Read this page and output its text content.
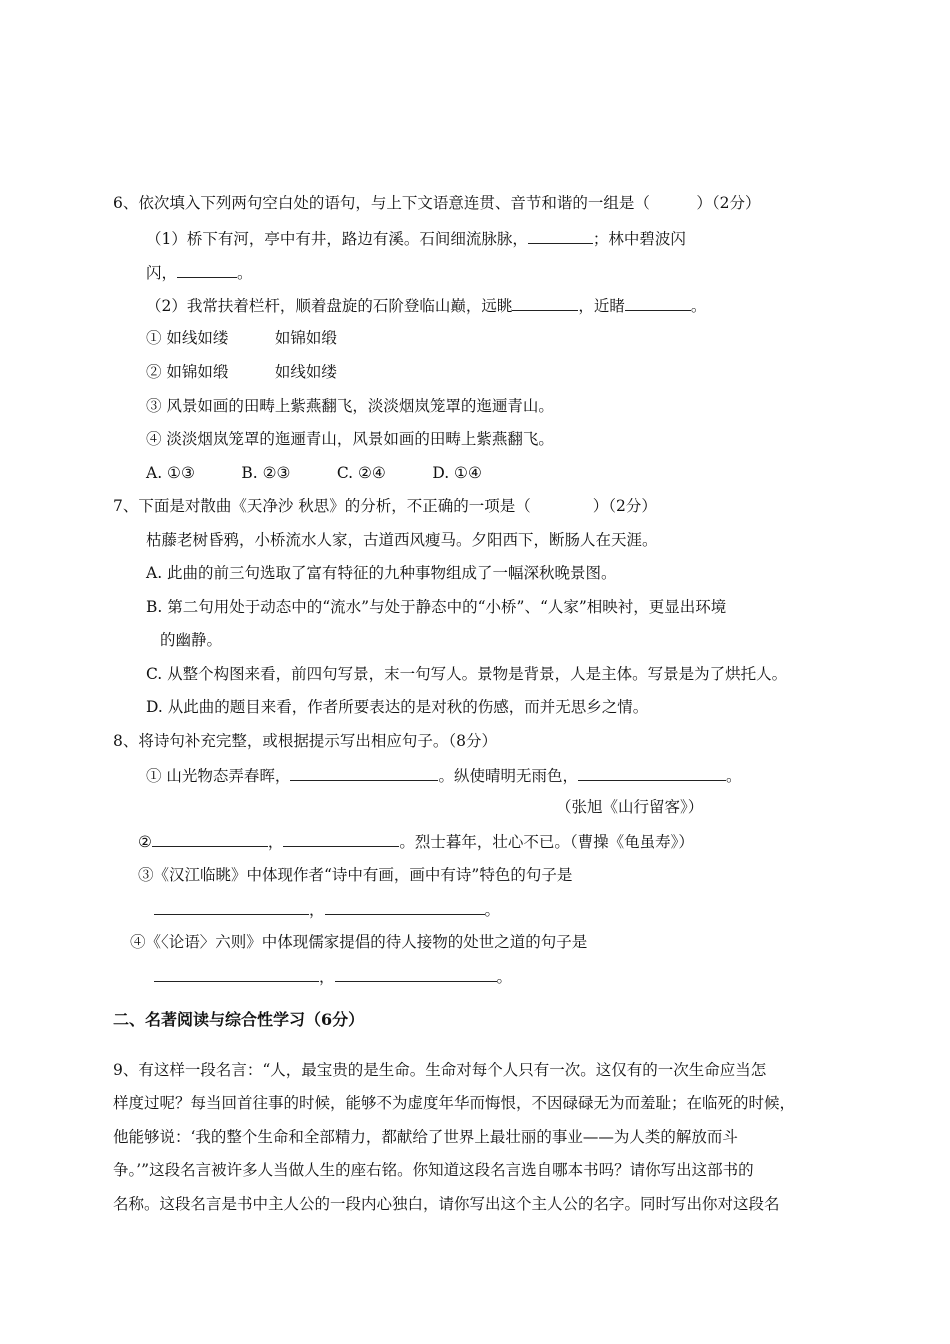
6、依次填入下列两句空白处的语句，与上下文语意连贯、音节和谐的一组是（　　　）（2分）
（1）桥下有河，亭中有井，路边有溪。石间细流脉脉，	；林中碧波闪
闪，	。
（2）我常扶着栏杆，顺着盘旋的石阶登临山巅，远眺	，近睹	。
① 如线如缕　　　如锦如缎
② 如锦如缎　　　如线如缕
③ 风景如画的田畴上紫燕翻飞，淡淡烟岚笼罩的迤逦青山。
④ 淡淡烟岚笼罩的迤逦青山，风景如画的田畴上紫燕翻飞。
A. ①③　　　B. ②③　　　C. ②④　　　D. ①④
7、下面是对散曲《天净沙 秋思》的分析，不正确的一项是（　　　　）（2分）
枯藤老树昏鸦，小桥流水人家，古道西风瘦马。夕阳西下，断肠人在天涯。
A. 此曲的前三句选取了富有特征的九种事物组成了一幅深秋晚景图。
B. 第二句用处于动态中的“流水”与处于静态中的“小桥”、“人家”相映衬，更显出环境
的幽静。
C. 从整个构图来看，前四句写景，末一句写人。景物是背景，人是主体。写景是为了烘托人。
D. 从此曲的题目来看，作者所要表达的是对秋的伤感，而并无思乡之情。
8、将诗句补充完整，或根据提示写出相应句子。（8分）
① 山光物态弄春晖，	。纵使晴明无雨色，	。
（张旭《山行留客》）
②	，	。烈士暮年，壮心不已。（曹操《龟虽寿》）
③《汉江临眺》中体现作者“诗中有画，画中有诗”特色的句子是
，	。
④《〈论语〉六则》中体现儒家提倡的待人接物的处世之道的句子是
，	。
二、名著阅读与综合性学习（6分）
9、有这样一段名言：“人，最宝贵的是生命。生命对每个人只有一次。这仅有的一次生命应当怎
样度过呢？每当回首往事的时候，能够不为虚度年华而悔恨，不因碌碌无为而羞耻；在临死的时候，
他能够说：‘我的整个生命和全部精力，都献给了世界上最壮丽的事业——为人类的解放而斗
争。’”这段名言被许多人当做人生的座右铭。你知道这段名言选自哪本书吗？请你写出这部书的
名称。这段名言是书中主人公的一段内心独白，请你写出这个主人公的名字。同时写出你对这段名
